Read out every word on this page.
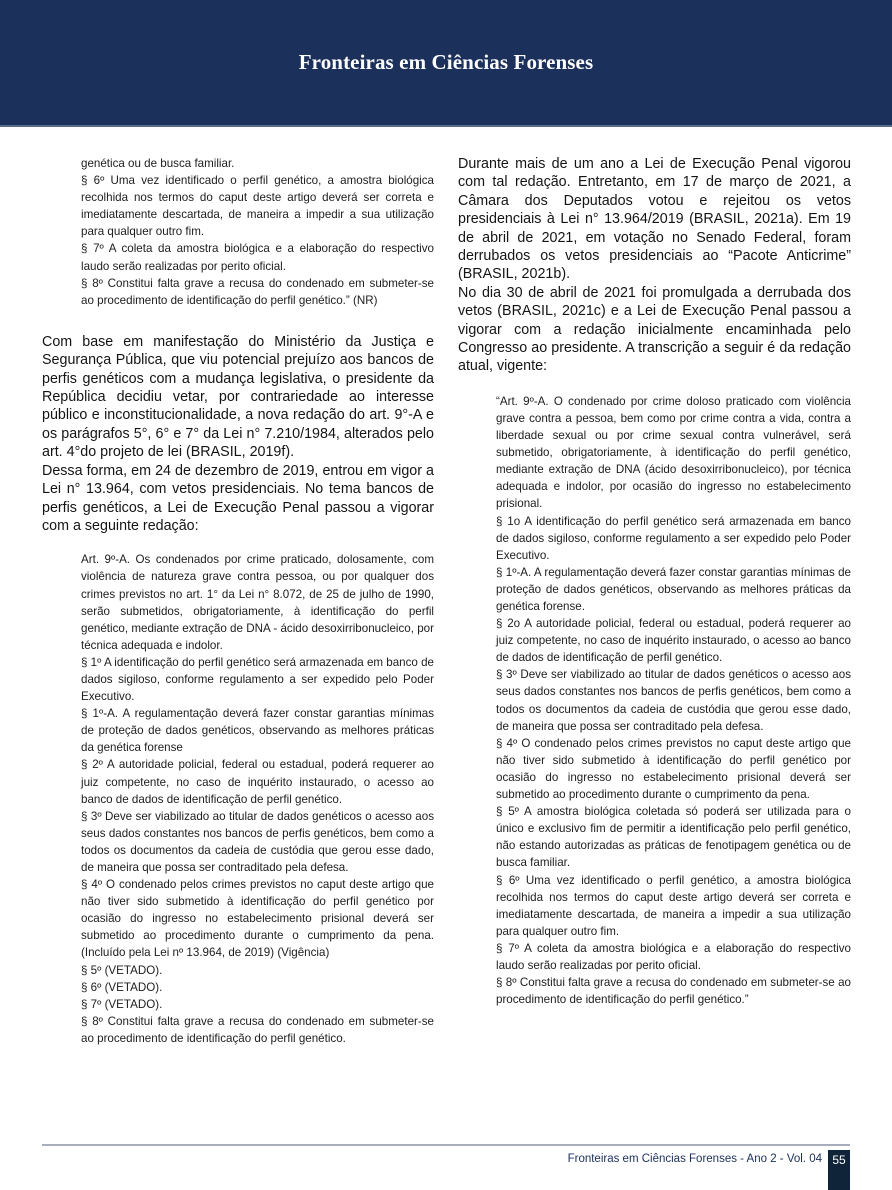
Fronteiras em Ciências Forenses

genética ou de busca familiar.

§ 6º Uma vez identificado o perfil genético, a amostra biológica recolhida nos termos do caput deste artigo deverá ser correta e imediatamente descartada, de maneira a impedir a sua utilização para qualquer outro fim.

§ 7º A coleta da amostra biológica e a elaboração do respectivo laudo serão realizadas por perito oficial.

§ 8º Constitui falta grave a recusa do condenado em submeter-se ao procedimento de identificação do perfil genético.” (NR)

Com base em manifestação do Ministério da Justiça e Segurança Pública, que viu potencial prejuízo aos bancos de perfis genéticos com a mudança legislativa, o presidente da República decidiu vetar, por contrariedade ao interesse público e inconstitucionalidade, a nova redação do art. 9°-A e os parágrafos 5°, 6° e 7° da Lei n° 7.210/1984, alterados pelo art. 4°do projeto de lei (BRASIL, 2019f).

Dessa forma, em 24 de dezembro de 2019, entrou em vigor a Lei n° 13.964, com vetos presidenciais. No tema bancos de perfis genéticos, a Lei de Execução Penal passou a vigorar com a seguinte redação:

Art. 9º-A. Os condenados por crime praticado, dolosamente, com violência de natureza grave contra pessoa, ou por qualquer dos crimes previstos no art. 1° da Lei n° 8.072, de 25 de julho de 1990, serão submetidos, obrigatoriamente, à identificação do perfil genético, mediante extração de DNA - ácido desoxirribonucleico, por técnica adequada e indolor.

§ 1º A identificação do perfil genético será armazenada em banco de dados sigiloso, conforme regulamento a ser expedido pelo Poder Executivo.

§ 1º-A. A regulamentação deverá fazer constar garantias mínimas de proteção de dados genéticos, observando as melhores práticas da genética forense

§ 2º A autoridade policial, federal ou estadual, poderá requerer ao juiz competente, no caso de inquérito instaurado, o acesso ao banco de dados de identificação de perfil genético.

§ 3º Deve ser viabilizado ao titular de dados genéticos o acesso aos seus dados constantes nos bancos de perfis genéticos, bem como a todos os documentos da cadeia de custódia que gerou esse dado, de maneira que possa ser contraditado pela defesa.

§ 4º O condenado pelos crimes previstos no caput deste artigo que não tiver sido submetido à identificação do perfil genético por ocasião do ingresso no estabelecimento prisional deverá ser submetido ao procedimento durante o cumprimento da pena. (Incluído pela Lei nº 13.964, de 2019) (Vigência)

§ 5º (VETADO).

§ 6º (VETADO).

§ 7º (VETADO).

§ 8º Constitui falta grave a recusa do condenado em submeter-se ao procedimento de identificação do perfil genético.

Durante mais de um ano a Lei de Execução Penal vigorou com tal redação. Entretanto, em 17 de março de 2021, a Câmara dos Deputados votou e rejeitou os vetos presidenciais à Lei n° 13.964/2019 (BRASIL, 2021a). Em 19 de abril de 2021, em votação no Senado Federal, foram derrubados os vetos presidenciais ao “Pacote Anticrime” (BRASIL, 2021b).

No dia 30 de abril de 2021 foi promulgada a derrubada dos vetos (BRASIL, 2021c) e a Lei de Execução Penal passou a vigorar com a redação inicialmente encaminhada pelo Congresso ao presidente. A transcrição a seguir é da redação atual, vigente:

“Art. 9º-A. O condenado por crime doloso praticado com violência grave contra a pessoa, bem como por crime contra a vida, contra a liberdade sexual ou por crime sexual contra vulnerável, será submetido, obrigatoriamente, à identificação do perfil genético, mediante extração de DNA (ácido desoxirribonucleico), por técnica adequada e indolor, por ocasião do ingresso no estabelecimento prisional.

§ 1o A identificação do perfil genético será armazenada em banco de dados sigiloso, conforme regulamento a ser expedido pelo Poder Executivo.

§ 1º-A. A regulamentação deverá fazer constar garantias mínimas de proteção de dados genéticos, observando as melhores práticas da genética forense.

§ 2o A autoridade policial, federal ou estadual, poderá requerer ao juiz competente, no caso de inquérito instaurado, o acesso ao banco de dados de identificação de perfil genético.

§ 3º Deve ser viabilizado ao titular de dados genéticos o acesso aos seus dados constantes nos bancos de perfis genéticos, bem como a todos os documentos da cadeia de custódia que gerou esse dado, de maneira que possa ser contraditado pela defesa.

§ 4º O condenado pelos crimes previstos no caput deste artigo que não tiver sido submetido à identificação do perfil genético por ocasião do ingresso no estabelecimento prisional deverá ser submetido ao procedimento durante o cumprimento da pena.

§ 5º A amostra biológica coletada só poderá ser utilizada para o único e exclusivo fim de permitir a identificação pelo perfil genético, não estando autorizadas as práticas de fenotipagem genética ou de busca familiar.

§ 6º Uma vez identificado o perfil genético, a amostra biológica recolhida nos termos do caput deste artigo deverá ser correta e imediatamente descartada, de maneira a impedir a sua utilização para qualquer outro fim.

§ 7º A coleta da amostra biológica e a elaboração do respectivo laudo serão realizadas por perito oficial.

§ 8º Constitui falta grave a recusa do condenado em submeter-se ao procedimento de identificação do perfil genético.”

Fronteiras em Ciências Forenses - Ano 2 - Vol. 04 55
